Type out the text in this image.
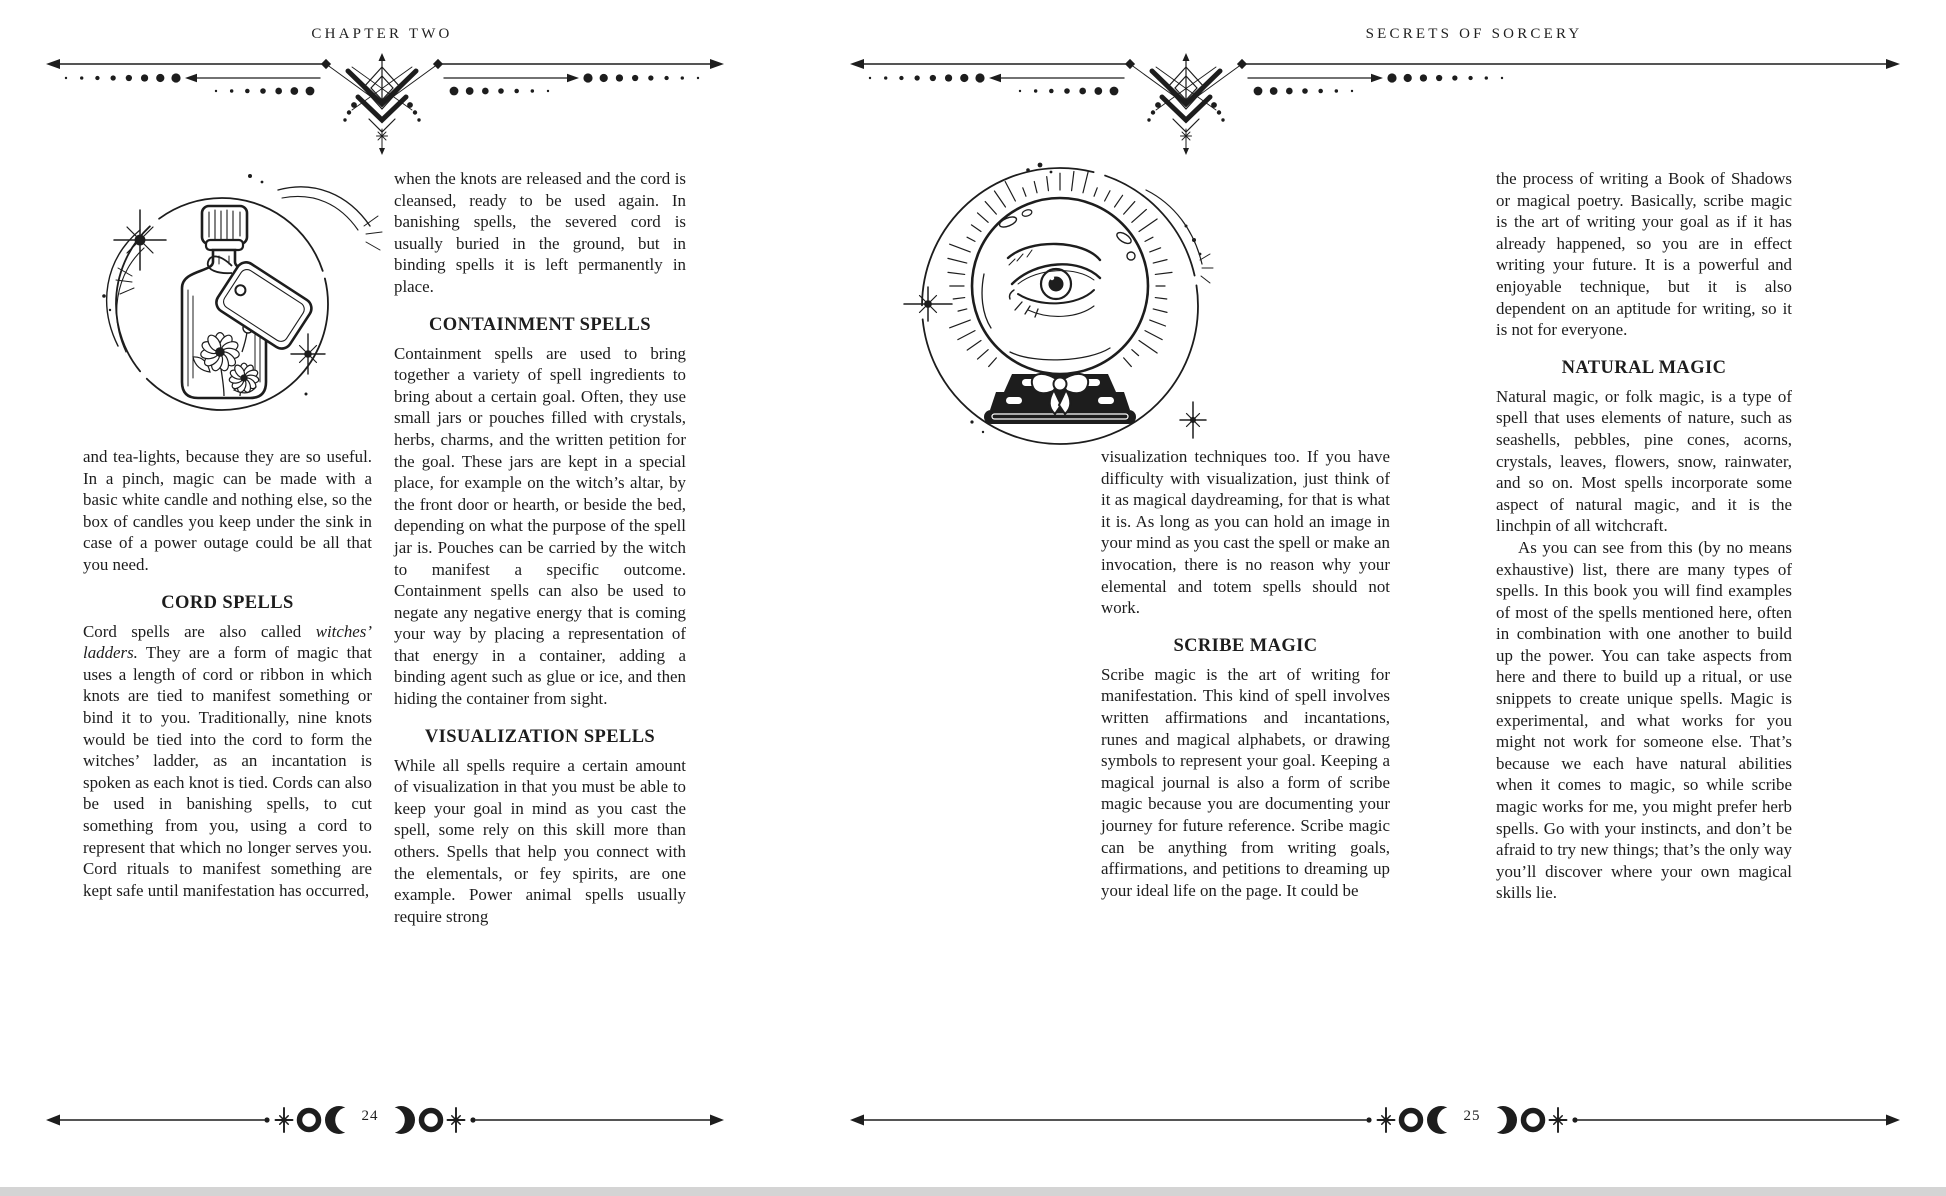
CHAPTER TWO

and tea-lights, because they are so useful. In a pinch, magic can be made with a basic white candle and nothing else, so the box of candles you keep under the sink in case of a power outage could be all that you need.

CORD SPELLS

Cord spells are also called witches’ ladders. They are a form of magic that uses a length of cord or ribbon in which knots are tied to manifest something or bind it to you. Traditionally, nine knots would be tied into the cord to form the witches’ ladder, as an incantation is spoken as each knot is tied. Cords can also be used in banishing spells, to cut something from you, using a cord to represent that which no longer serves you. Cord rituals to manifest something are kept safe until manifestation has occurred,

when the knots are released and the cord is cleansed, ready to be used again. In banishing spells, the severed cord is usually buried in the ground, but in binding spells it is left permanently in place.

CONTAINMENT SPELLS

Containment spells are used to bring together a variety of spell ingredients to bring about a certain goal. Often, they use small jars or pouches filled with crystals, herbs, charms, and the written petition for the goal. These jars are kept in a special place, for example on the witch’s altar, by the front door or hearth, or beside the bed, depending on what the purpose of the spell jar is. Pouches can be carried by the witch to manifest a specific outcome. Containment spells can also be used to negate any negative energy that is coming your way by placing a representation of that energy in a container, adding a binding agent such as glue or ice, and then hiding the container from sight.

VISUALIZATION SPELLS

While all spells require a certain amount of visualization in that you must be able to keep your goal in mind as you cast the spell, some rely on this skill more than others. Spells that help you connect with the elementals, or fey spirits, are one example. Power animal spells usually require strong

24
SECRETS OF SORCERY

visualization techniques too. If you have difficulty with visualization, just think of it as magical daydreaming, for that is what it is. As long as you can hold an image in your mind as you cast the spell or make an invocation, there is no reason why your elemental and totem spells should not work.

SCRIBE MAGIC

Scribe magic is the art of writing for manifestation. This kind of spell involves written affirmations and incantations, runes and magical alphabets, or drawing symbols to represent your goal. Keeping a magical journal is also a form of scribe magic because you are documenting your journey for future reference. Scribe magic can be anything from writing goals, affirmations, and petitions to dreaming up your ideal life on the page. It could be

the process of writing a Book of Shadows or magical poetry. Basically, scribe magic is the art of writing your goal as if it has already happened, so you are in effect writing your future. It is a powerful and enjoyable technique, but it is also dependent on an aptitude for writing, so it is not for everyone.

NATURAL MAGIC

Natural magic, or folk magic, is a type of spell that uses elements of nature, such as seashells, pebbles, pine cones, acorns, crystals, leaves, flowers, snow, rainwater, and so on. Most spells incorporate some aspect of natural magic, and it is the linchpin of all witchcraft.

As you can see from this (by no means exhaustive) list, there are many types of spells. In this book you will find examples of most of the spells mentioned here, often in combination with one another to build up the power. You can take aspects from here and there to build up a ritual, or use snippets to create unique spells. Magic is experimental, and what works for you might not work for someone else. That’s because we each have natural abilities when it comes to magic, so while scribe magic works for me, you might prefer herb spells. Go with your instincts, and don’t be afraid to try new things; that’s the only way you’ll discover where your own magical skills lie.

25
